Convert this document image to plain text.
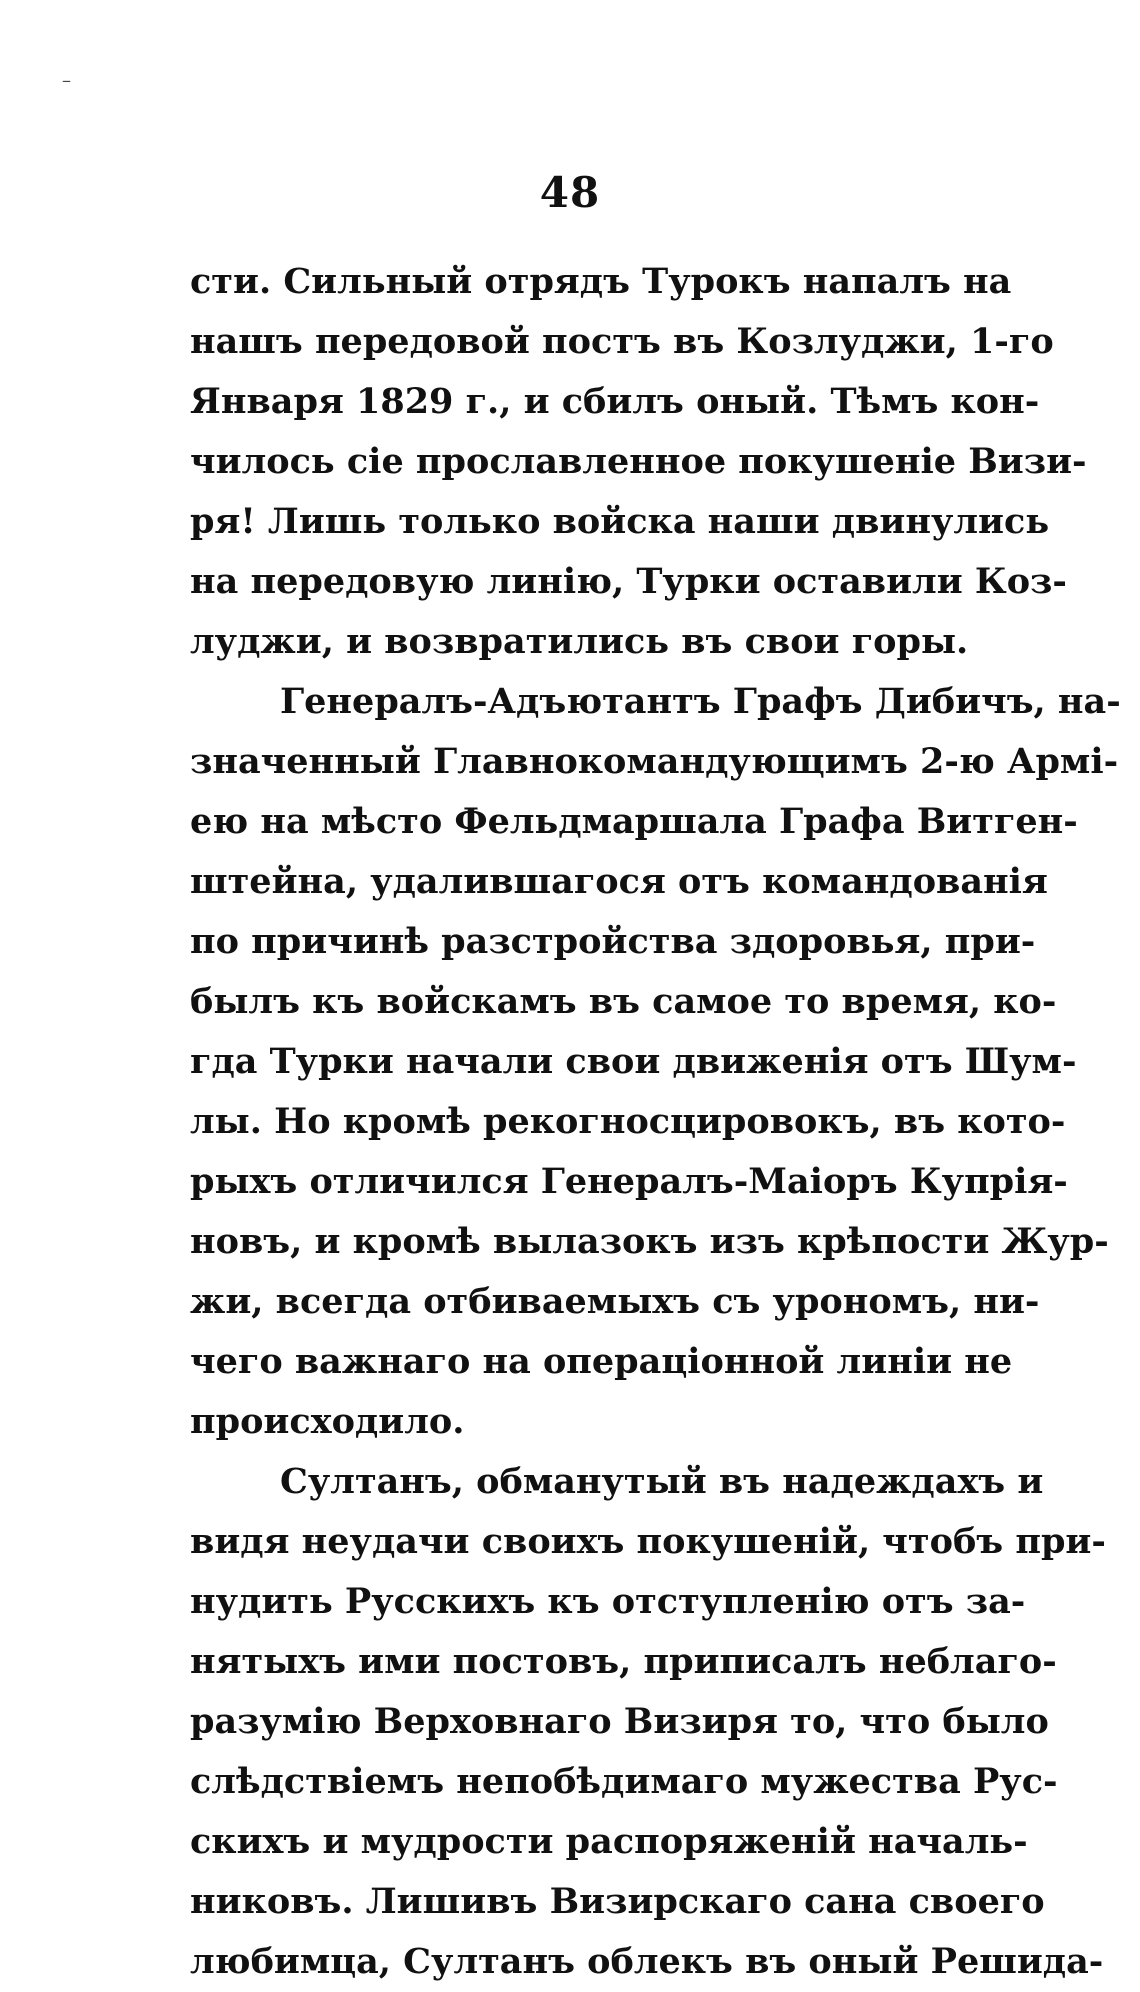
–
48
сти. Сильный отрядъ Турокъ напалъ на
нашъ передовой постъ въ Козлуджи, 1-го
Января 1829 г., и сбилъ оный. Тѣмъ кон-
чилось сіе прославленное покушеніе Визи-
ря! Лишь только войска наши двинулись
на передовую линію, Турки оставили Коз-
луджи, и возвратились въ свои горы.
Генералъ-Адъютантъ Графъ Дибичъ, на-
значенный Главнокомандующимъ 2-ю Армі-
ею на мѣсто Фельдмаршала Графа Витген-
штейна, удалившагося отъ командованія
по причинѣ разстройства здоровья, при-
былъ къ войскамъ въ самое то время, ко-
гда Турки начали свои движенія отъ Шум-
лы. Но кромѣ рекогносцировокъ, въ кото-
рыхъ отличился Генералъ-Маіоръ Купрія-
новъ, и кромѣ вылазокъ изъ крѣпости Жур-
жи, всегда отбиваемыхъ съ урономъ, ни-
чего важнаго на операціонной линіи не
происходило.
Султанъ, обманутый въ надеждахъ и
видя неудачи своихъ покушеній, чтобъ при-
нудить Русскихъ къ отступленію отъ за-
нятыхъ ими постовъ, приписалъ неблаго-
разумію Верховнаго Визиря то, что было
слѣдствіемъ непобѣдимаго мужества Рус-
скихъ и мудрости распоряженій началь-
никовъ. Лишивъ Визирскаго сана своего
любимца, Султанъ облекъ въ оный Решида-
